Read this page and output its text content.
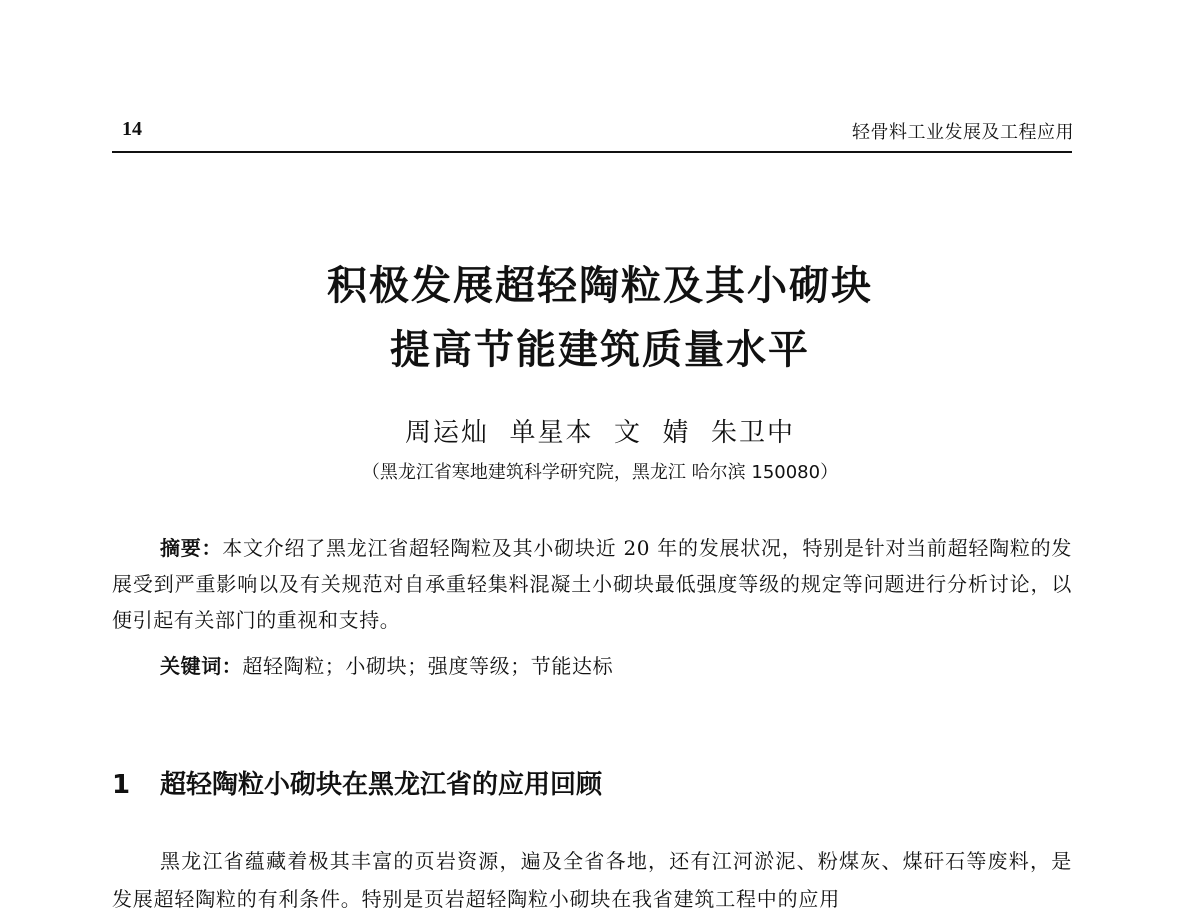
14	轻骨料工业发展及工程应用
积极发展超轻陶粒及其小砌块
提高节能建筑质量水平
周运灿  单星本  文  婧  朱卫中
（黑龙江省寒地建筑科学研究院，黑龙江 哈尔滨 150080）
摘要：本文介绍了黑龙江省超轻陶粒及其小砌块近 20 年的发展状况，特别是针对当前超轻陶粒的发展受到严重影响以及有关规范对自承重轻集料混凝土小砌块最低强度等级的规定等问题进行分析讨论，以便引起有关部门的重视和支持。
关键词：超轻陶粒；小砌块；强度等级；节能达标
1 超轻陶粒小砌块在黑龙江省的应用回顾
黑龙江省蕴藏着极其丰富的页岩资源，遍及全省各地，还有江河淤泥、粉煤灰、煤矸石等废料，是发展超轻陶粒的有利条件。特别是页岩超轻陶粒小砌块在我省建筑工程中的应用
